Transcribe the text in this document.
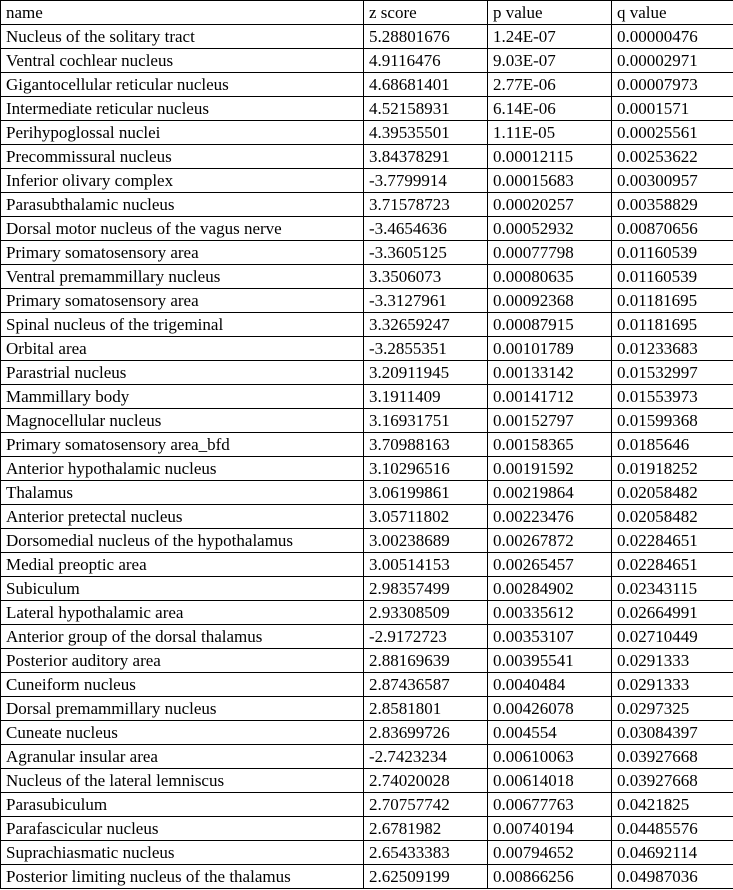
name	z score	p value	q value
Nucleus of the solitary tract	5.28801676	1.24E-07	0.00000476
Ventral cochlear nucleus	4.9116476	9.03E-07	0.00002971
Gigantocellular reticular nucleus	4.68681401	2.77E-06	0.00007973
Intermediate reticular nucleus	4.52158931	6.14E-06	0.0001571
Perihypoglossal nuclei	4.39535501	1.11E-05	0.00025561
Precommissural nucleus	3.84378291	0.00012115	0.00253622
Inferior olivary complex	-3.7799914	0.00015683	0.00300957
Parasubthalamic nucleus	3.71578723	0.00020257	0.00358829
Dorsal motor nucleus of the vagus nerve	-3.4654636	0.00052932	0.00870656
Primary somatosensory area	-3.3605125	0.00077798	0.01160539
Ventral premammillary nucleus	3.3506073	0.00080635	0.01160539
Primary somatosensory area	-3.3127961	0.00092368	0.01181695
Spinal nucleus of the trigeminal	3.32659247	0.00087915	0.01181695
Orbital area	-3.2855351	0.00101789	0.01233683
Parastrial nucleus	3.20911945	0.00133142	0.01532997
Mammillary body	3.1911409	0.00141712	0.01553973
Magnocellular nucleus	3.16931751	0.00152797	0.01599368
Primary somatosensory area_bfd	3.70988163	0.00158365	0.0185646
Anterior hypothalamic nucleus	3.10296516	0.00191592	0.01918252
Thalamus	3.06199861	0.00219864	0.02058482
Anterior pretectal nucleus	3.05711802	0.00223476	0.02058482
Dorsomedial nucleus of the hypothalamus	3.00238689	0.00267872	0.02284651
Medial preoptic area	3.00514153	0.00265457	0.02284651
Subiculum	2.98357499	0.00284902	0.02343115
Lateral hypothalamic area	2.93308509	0.00335612	0.02664991
Anterior group of the dorsal thalamus	-2.9172723	0.00353107	0.02710449
Posterior auditory area	2.88169639	0.00395541	0.0291333
Cuneiform nucleus	2.87436587	0.0040484	0.0291333
Dorsal premammillary nucleus	2.8581801	0.00426078	0.0297325
Cuneate nucleus	2.83699726	0.004554	0.03084397
Agranular insular area	-2.7423234	0.00610063	0.03927668
Nucleus of the lateral lemniscus	2.74020028	0.00614018	0.03927668
Parasubiculum	2.70757742	0.00677763	0.0421825
Parafascicular nucleus	2.6781982	0.00740194	0.04485576
Suprachiasmatic nucleus	2.65433383	0.00794652	0.04692114
Posterior limiting nucleus of the thalamus	2.62509199	0.00866256	0.04987036
